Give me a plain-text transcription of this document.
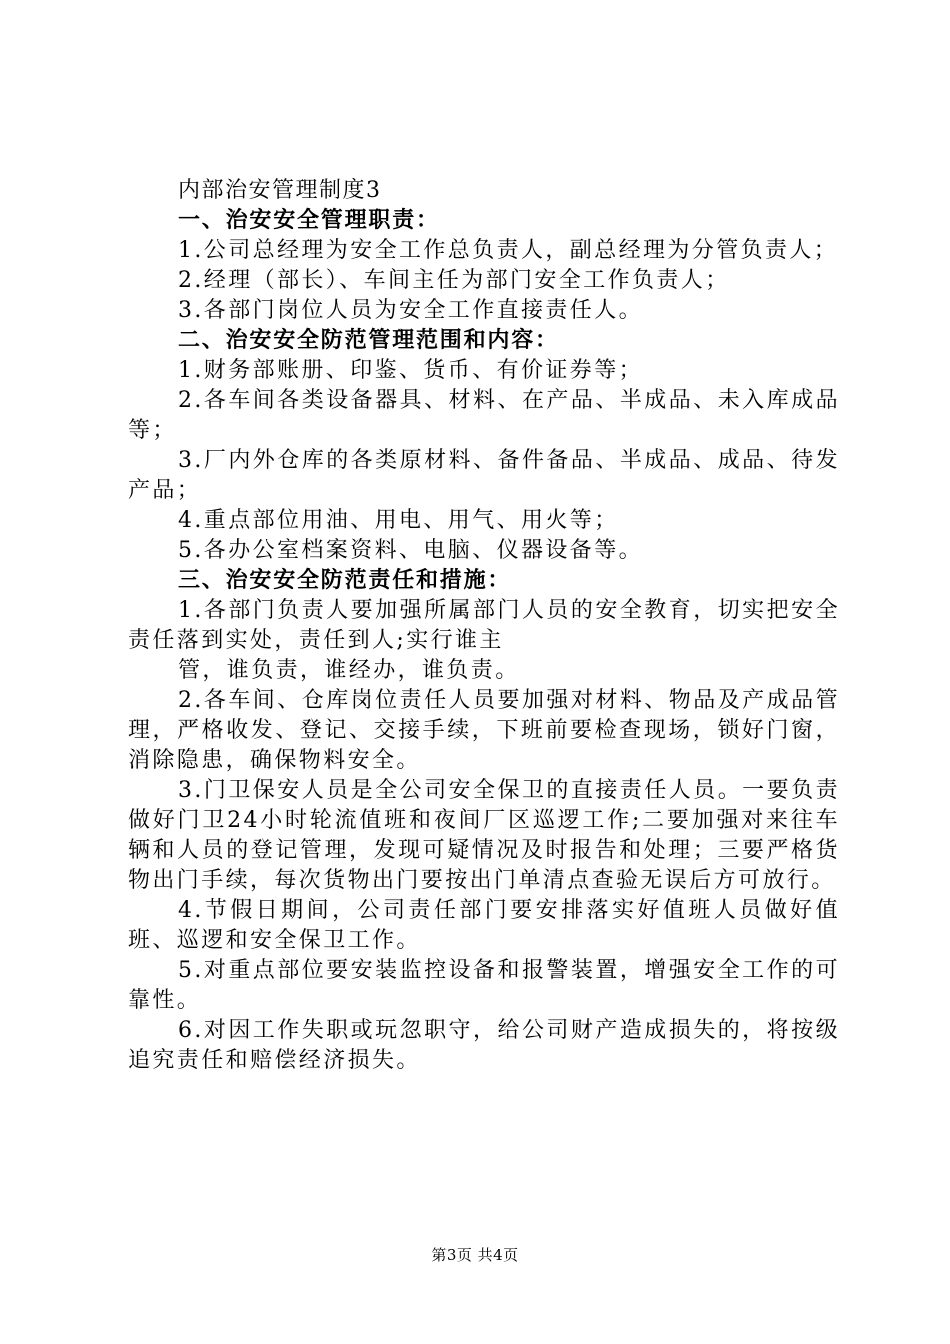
内部治安管理制度3

一、治安安全管理职责：

1.公司总经理为安全工作总负责人，副总经理为分管负责人；

2.经理（部长）、车间主任为部门安全工作负责人；

3.各部门岗位人员为安全工作直接责任人。

二、治安安全防范管理范围和内容：

1.财务部账册、印鉴、货币、有价证券等；

2.各车间各类设备器具、材料、在产品、半成品、未入库成品等；

3.厂内外仓库的各类原材料、备件备品、半成品、成品、待发产品；

4.重点部位用油、用电、用气、用火等；

5.各办公室档案资料、电脑、仪器设备等。

三、治安安全防范责任和措施：

1.各部门负责人要加强所属部门人员的安全教育，切实把安全责任落到实处，责任到人;实行谁主

管，谁负责，谁经办，谁负责。

2.各车间、仓库岗位责任人员要加强对材料、物品及产成品管理，严格收发、登记、交接手续，下班前要检查现场，锁好门窗，消除隐患，确保物料安全。

3.门卫保安人员是全公司安全保卫的直接责任人员。一要负责做好门卫24小时轮流值班和夜间厂区巡逻工作;二要加强对来往车辆和人员的登记管理，发现可疑情况及时报告和处理；三要严格货物出门手续，每次货物出门要按出门单清点查验无误后方可放行。

4.节假日期间，公司责任部门要安排落实好值班人员做好值班、巡逻和安全保卫工作。

5.对重点部位要安装监控设备和报警装置，增强安全工作的可靠性。

6.对因工作失职或玩忽职守，给公司财产造成损失的，将按级追究责任和赔偿经济损失。

第3页 共4页
